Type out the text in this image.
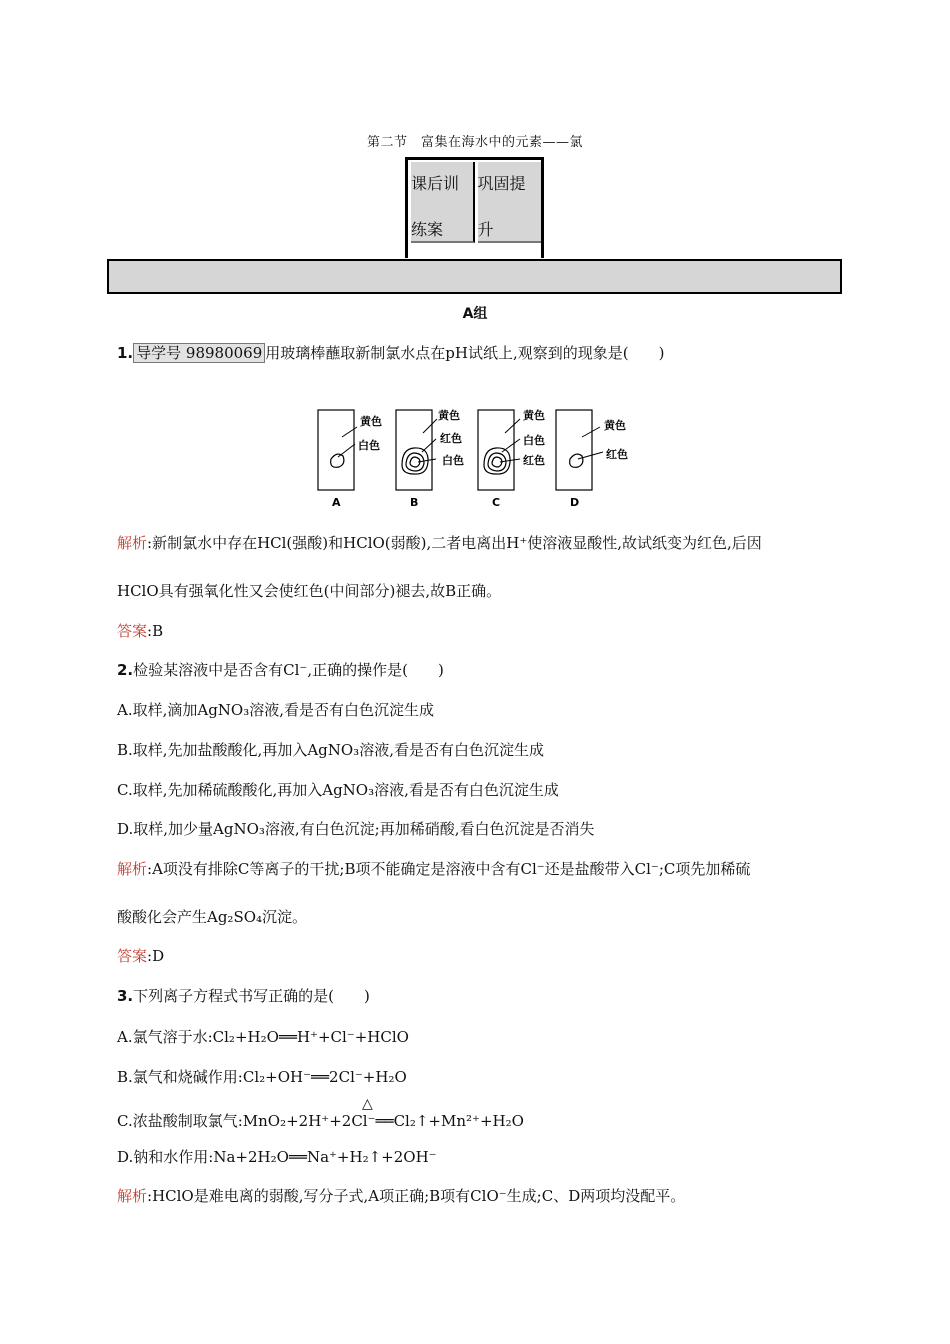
第二节　富集在海水中的元素——氯
课后训
练案
巩固提
升
A组
1. 导学号 98980069 用玻璃棒蘸取新制氯水点在pH试纸上,观察到的现象是(　　)
黄色
白色
A
黄色
红色
白色
B
黄色
白色
红色
C
黄色
红色
D
解析:新制氯水中存在HCl(强酸)和HClO(弱酸),二者电离出H⁺使溶液显酸性,故试纸变为红色,后因
HClO具有强氧化性又会使红色(中间部分)褪去,故B正确。
答案:B
2.检验某溶液中是否含有Cl⁻,正确的操作是(　　)
A.取样,滴加AgNO₃溶液,看是否有白色沉淀生成
B.取样,先加盐酸酸化,再加入AgNO₃溶液,看是否有白色沉淀生成
C.取样,先加稀硫酸酸化,再加入AgNO₃溶液,看是否有白色沉淀生成
D.取样,加少量AgNO₃溶液,有白色沉淀;再加稀硝酸,看白色沉淀是否消失
解析:A项没有排除C等离子的干扰;B项不能确定是溶液中含有Cl⁻还是盐酸带入Cl⁻;C项先加稀硫
酸酸化会产生Ag₂SO₄沉淀。
答案:D
3.下列离子方程式书写正确的是(　　)
A.氯气溶于水:Cl₂+H₂O══H⁺+Cl⁻+HClO
B.氯气和烧碱作用:Cl₂+OH⁻══2Cl⁻+H₂O
△
C.浓盐酸制取氯气:MnO₂+2H⁺+2Cl⁻══Cl₂↑+Mn²⁺+H₂O
D.钠和水作用:Na+2H₂O══Na⁺+H₂↑+2OH⁻
解析:HClO是难电离的弱酸,写分子式,A项正确;B项有ClO⁻生成;C、D两项均没配平。
